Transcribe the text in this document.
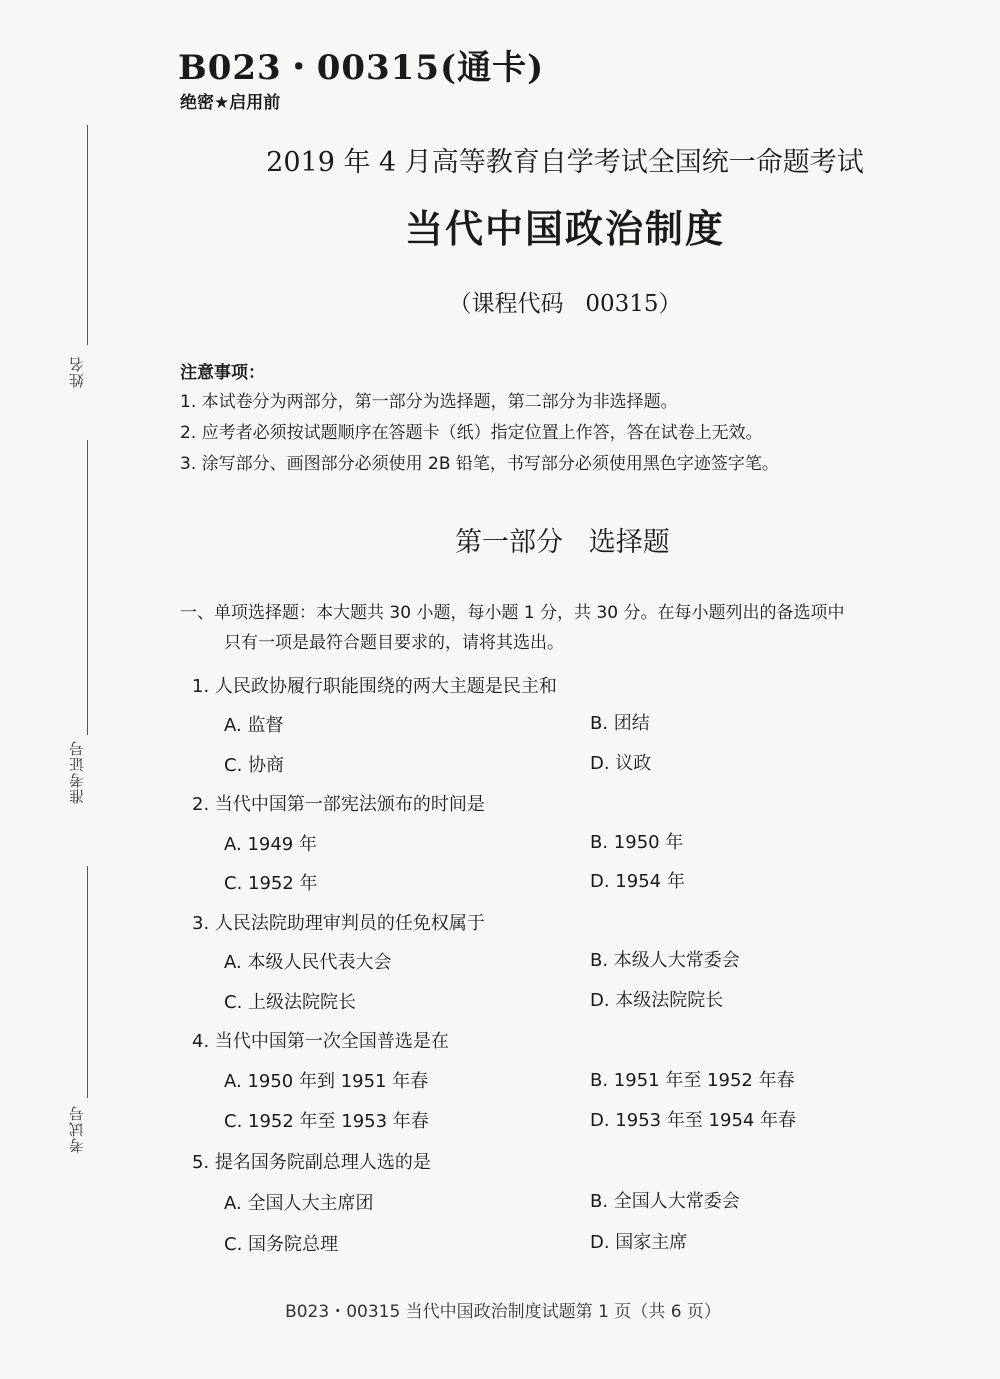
B023・00315(通卡)
绝密★启用前
2019 年 4 月高等教育自学考试全国统一命题考试
当代中国政治制度
（课程代码   00315）
姓名
准考证号
考试号
注意事项：
1. 本试卷分为两部分，第一部分为选择题，第二部分为非选择题。
2. 应考者必须按试题顺序在答题卡（纸）指定位置上作答，答在试卷上无效。
3. 涂写部分、画图部分必须使用 2B 铅笔，书写部分必须使用黑色字迹签字笔。
第一部分   选择题
一、单项选择题：本大题共 30 小题，每小题 1 分，共 30 分。在每小题列出的备选项中
只有一项是最符合题目要求的，请将其选出。
1. 人民政协履行职能围绕的两大主题是民主和
A. 监督	B. 团结
C. 协商	D. 议政
2. 当代中国第一部宪法颁布的时间是
A. 1949 年	B. 1950 年
C. 1952 年	D. 1954 年
3. 人民法院助理审判员的任免权属于
A. 本级人民代表大会	B. 本级人大常委会
C. 上级法院院长	D. 本级法院院长
4. 当代中国第一次全国普选是在
A. 1950 年到 1951 年春	B. 1951 年至 1952 年春
C. 1952 年至 1953 年春	D. 1953 年至 1954 年春
5. 提名国务院副总理人选的是
A. 全国人大主席团	B. 全国人大常委会
C. 国务院总理	D. 国家主席
B023・00315 当代中国政治制度试题第 1 页（共 6 页）
